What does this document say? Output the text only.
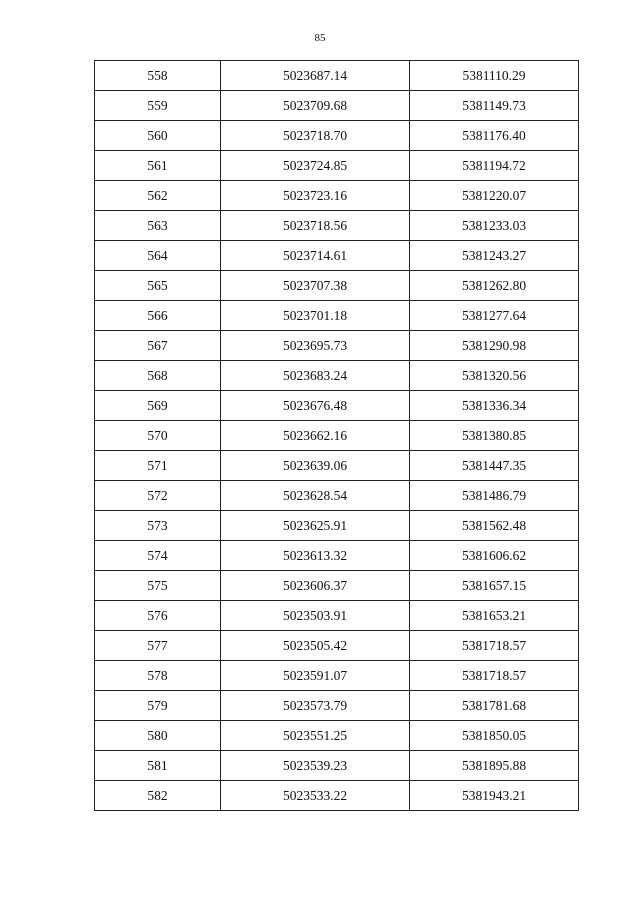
85
558	5023687.14	5381110.29
559	5023709.68	5381149.73
560	5023718.70	5381176.40
561	5023724.85	5381194.72
562	5023723.16	5381220.07
563	5023718.56	5381233.03
564	5023714.61	5381243.27
565	5023707.38	5381262.80
566	5023701.18	5381277.64
567	5023695.73	5381290.98
568	5023683.24	5381320.56
569	5023676.48	5381336.34
570	5023662.16	5381380.85
571	5023639.06	5381447.35
572	5023628.54	5381486.79
573	5023625.91	5381562.48
574	5023613.32	5381606.62
575	5023606.37	5381657.15
576	5023503.91	5381653.21
577	5023505.42	5381718.57
578	5023591.07	5381718.57
579	5023573.79	5381781.68
580	5023551.25	5381850.05
581	5023539.23	5381895.88
582	5023533.22	5381943.21
